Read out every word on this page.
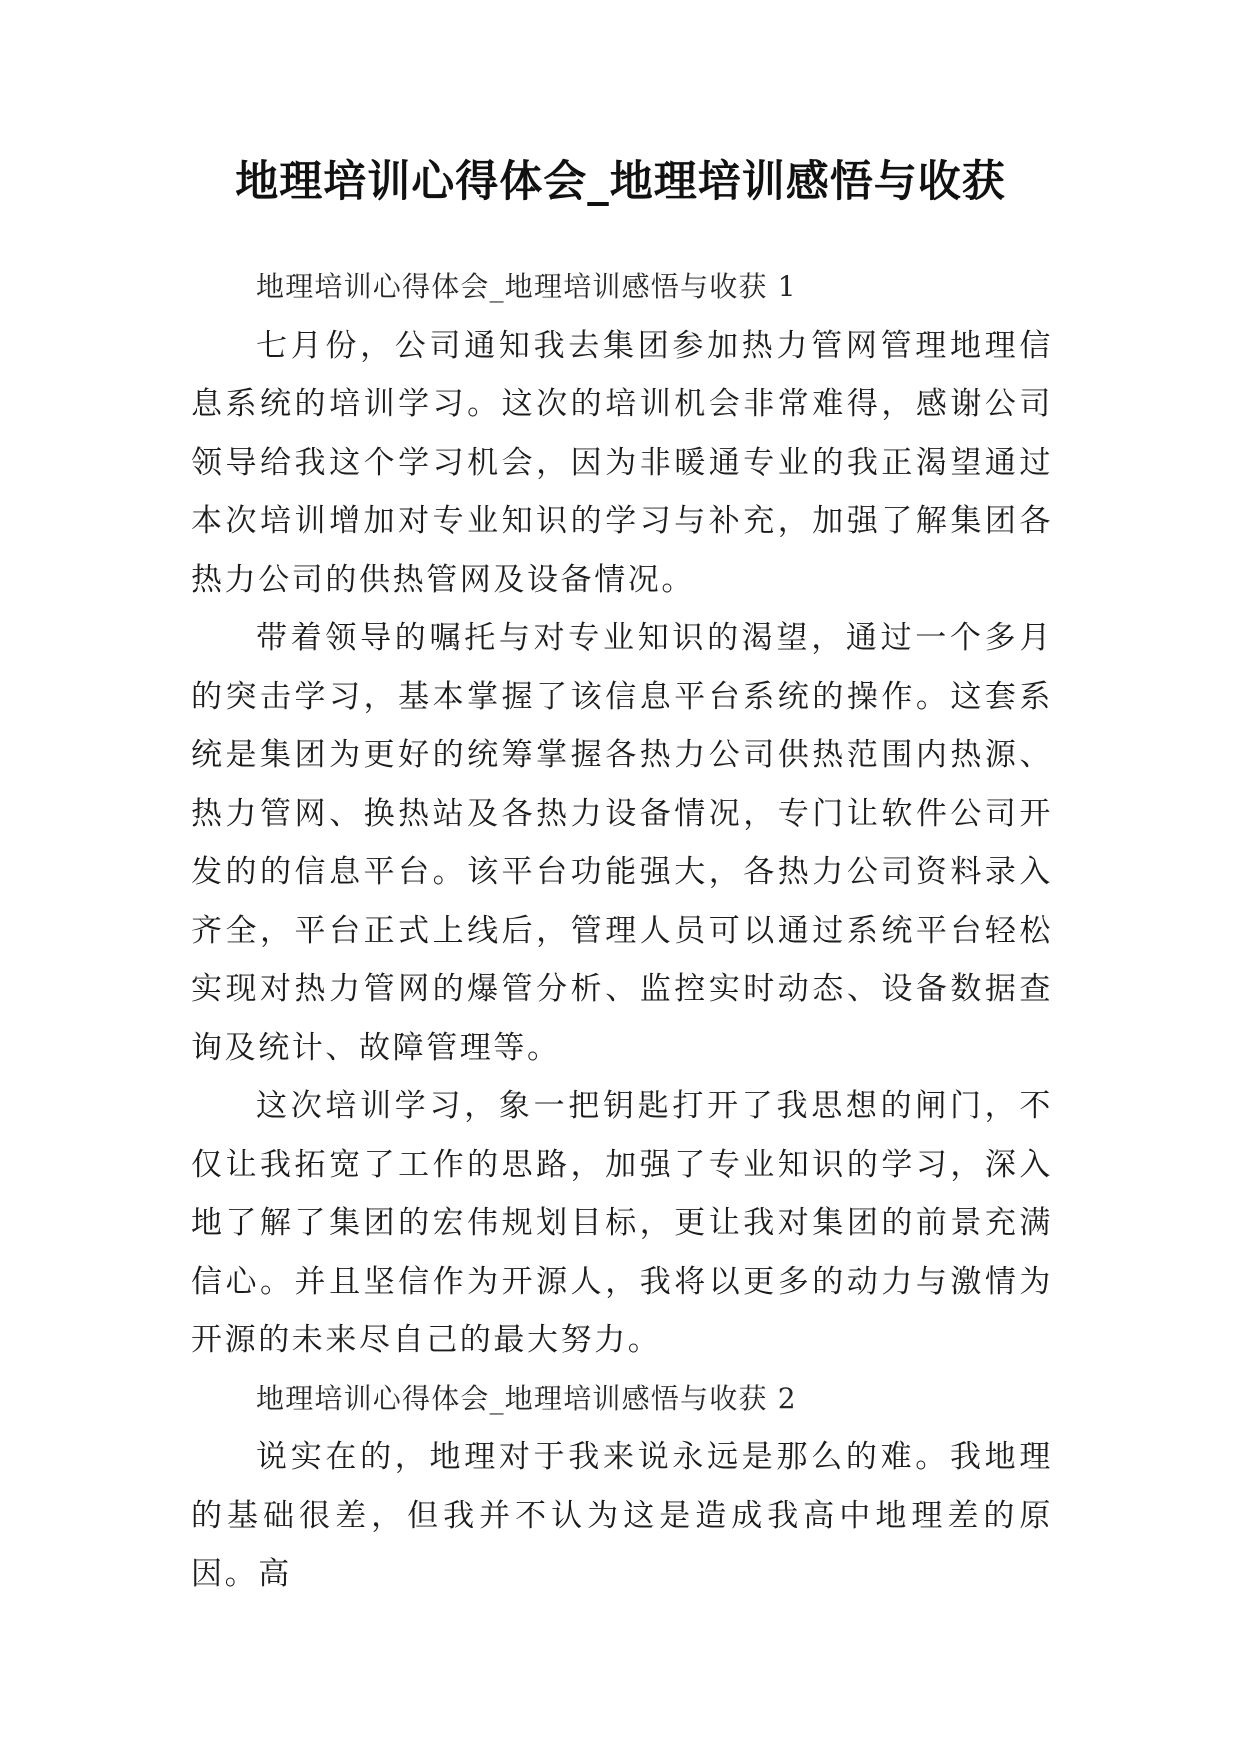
地理培训心得体会_地理培训感悟与收获

地理培训心得体会_地理培训感悟与收获 1

七月份，公司通知我去集团参加热力管网管理地理信息系统的培训学习。这次的培训机会非常难得，感谢公司领导给我这个学习机会，因为非暖通专业的我正渴望通过本次培训增加对专业知识的学习与补充，加强了解集团各热力公司的供热管网及设备情况。

带着领导的嘱托与对专业知识的渴望，通过一个多月的突击学习，基本掌握了该信息平台系统的操作。这套系统是集团为更好的统筹掌握各热力公司供热范围内热源、热力管网、换热站及各热力设备情况，专门让软件公司开发的的信息平台。该平台功能强大，各热力公司资料录入齐全，平台正式上线后，管理人员可以通过系统平台轻松实现对热力管网的爆管分析、监控实时动态、设备数据查询及统计、故障管理等。

这次培训学习，象一把钥匙打开了我思想的闸门，不仅让我拓宽了工作的思路，加强了专业知识的学习，深入地了解了集团的宏伟规划目标，更让我对集团的前景充满信心。并且坚信作为开源人，我将以更多的动力与激情为开源的未来尽自己的最大努力。

地理培训心得体会_地理培训感悟与收获 2

说实在的，地理对于我来说永远是那么的难。我地理的基础很差，但我并不认为这是造成我高中地理差的原因。高
